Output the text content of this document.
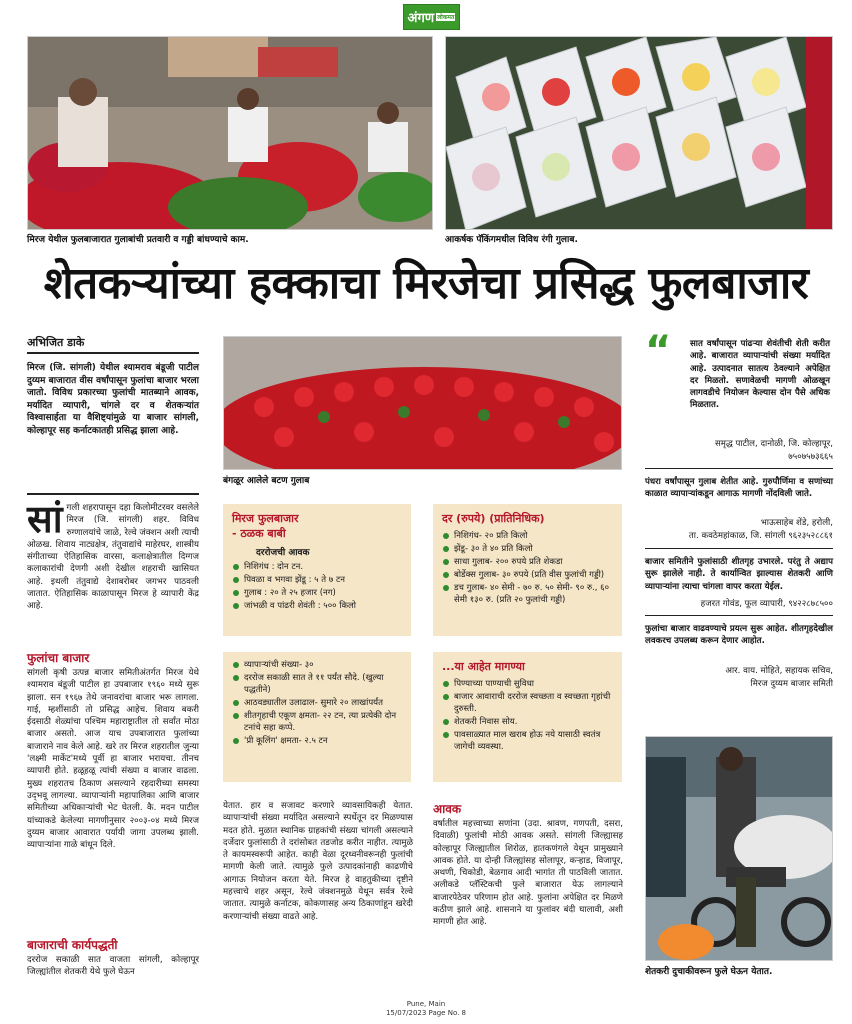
अंगण लोकमत
मिरज येथील फुलबाजारात गुलाबांची प्रतवारी व गड्डी बांधण्याचे काम.	आकर्षक पॅकिंगमधील विविध रंगी गुलाब.
शेतकऱ्यांच्या हक्काचा मिरजेचा प्रसिद्ध फुलबाजार
अभिजित डाके
मिरज (जि. सांगली) येथील श्यामराव बंडूजी पाटील दुय्यम बाजारात वीस वर्षांपासून फुलांचा बाजार भरला जातो. विविध प्रकारच्या फुलांची मातब्याने आवक, मर्यादित व्यापारी, चांगले दर व शेतकऱ्यांत विश्वासार्हता या वैशिष्ट्यांमुळे या बाजार सांगली, कोल्हापूर सह कर्नाटकातही प्रसिद्ध झाला आहे.
सां गली शहरापासून दहा किलोमीटरवर वसलेले मिरज (जि. सांगली) शहर. विविध रुग्णालयांचे जाळे, रेल्वे जंक्शन अशी त्याची ओळख. शिवाय नाट्यक्षेत्र, तंतुवाद्यांचे माहेरघर, शास्त्रीय संगीताच्या ऐतिहासिक वारसा, कलाक्षेत्रातील दिग्गज कलाकारांची देणगी अशी देखील शहराची खासियत आहे. इथली तंतुवाद्ये देशाबरोबर जगभर पाठवली जातात. ऐतिहासिक काळापासून मिरज हे व्यापारी केंद्र आहे.
फुलांचा बाजार
सांगली कृषी उत्पन्न बाजार समितीअंतर्गत मिरज येथे श्यामराव बंडूजी पाटील हा उपबाजार १९६० मध्ये सुरू झाला. सन १९६७ तेथे जनावरांचा बाजार भरू लागला. गाई, म्हशींसाठी तो प्रसिद्ध आहेच. शिवाय बकरी ईदसाठी शेळ्यांचा पश्चिम महाराष्ट्रातील तो सर्वांत मोठा बाजार असतो. आज याच उपबाजारात फुलांच्या बाजाराने नाव केले आहे. खरे तर मिरज शहरातील जुन्या 'लक्ष्मी मार्केट'मध्ये पूर्वी हा बाजार भरायचा. तीनच व्यापारी होते. हळूहळू त्यांची संख्या व बाजार वाढला. मुख्य शहरातच ठिकाण असल्याने रहदारीच्या समस्या उद्‌भवू लागल्या. व्यापाऱ्यांनी महापालिका आणि बाजार समितीच्या अधिकाऱ्यांची भेट घेतली. कै. मदन पाटील यांच्याकडे केलेल्या मागणीनुसार २००३-०४ मध्ये मिरज दुय्यम बाजार आवारात पर्यायी जागा उपलब्ध झाली. व्यापाऱ्यांना गाळे बांधून दिले.
बाजाराची कार्यपद्धती
दररोज सकाळी सात वाजता सांगली, कोल्हापूर जिल्ह्यांतील शेतकरी येथे फुले घेऊन
बंगळूर आलेले बटण गुलाब
मिरज फुलबाजार
- ठळक बाबी
दररोजची आवक
निशिगंध : दोन टन.
पिवळा व भगवा झेंडू : ५ ते ७ टन
गुलाब : २० ते २५ हजार (नग)
जांभळी व पांढरी शेवंती : ५०० किलो
दर (रुपये) (प्रातिनिधिक)
निशिगंध- २० प्रति किलो
झेंडू- ३० ते ४० प्रति किलो
साधा गुलाब- २०० रुपये प्रति शेकडा
बोर्डेक्स गुलाब- ३० रुपये (प्रति वीस फुलांची गड्डी)
डच गुलाब- ४० सेमी - ७० रु. ५० सेमी- ९० रु., ६० सेमी १३० रु. (प्रति २० फुलांची गड्डी)
व्यापाऱ्यांची संख्या- ३०
दररोज सकाळी सात ते ११ पर्यंत सौदे. (खुल्या पद्धतीने)
आठवड्यातील उलाढाल- सुमारे २० लाखांपर्यंत
शीतगृहाची एकूण क्षमता- २२ टन, त्या प्रत्येकी दोन टनांचे सहा कप्पे.
'प्री कूलिंग' क्षमता- २.५ टन
...या आहेत मागण्या
पिण्याच्या पाण्याची सुविधा
बाजार आवाराची दररोज स्वच्छता व स्वच्छता गृहांची दुरुस्ती.
शेतकरी निवास सोय.
पावसाळ्यात माल खराब होऊ नये यासाठी स्वतंत्र जागेची व्यवस्था.
येतात. हार व सजावट करणारे व्यावसायिकही येतात. व्यापाऱ्यांची संख्या मर्यादित असल्याने स्पर्धेतून दर मिळण्यास मदत होते. मुळात स्थानिक ग्राहकांची संख्या चांगली असल्याने दर्जेदार फुलांसाठी ते दरांसोबत तडजोड करीत नाहीत. त्यामुळे ते कायमस्वरूपी आहेत. काही वेळा दूरध्वनीवरूनही फुलांची मागणी केली जाते. त्यामुळे फुले उत्पादकांनाही काढणीचे आगाऊ नियोजन करता येते. मिरज हे वाहतुकीच्या दृष्टीने महत्त्वाचे शहर असून, रेल्वे जंक्शनमुळे येथून सर्वत्र रेल्वे जातात. त्यामुळे कर्नाटक, कोकणासह अन्य ठिकाणांहून खरेदी करणाऱ्यांची संख्या वाढते आहे.
आवक
वर्षातील महत्त्वाच्या सणांना (उदा. श्रावण, गणपती, दसरा, दिवाळी) फुलांची मोठी आवक असते. सांगली जिल्ह्यासह कोल्हापूर जिल्ह्यातील शिरोळ, हातकणंगले येथून प्रामुख्याने आवक होते. या दोन्ही जिल्ह्यांसह सोलापूर, कऱ्हाड, विजापूर, अथणी, चिकोडी, बेळगाव आदी भागांत ती पाठविली जातात. अलीकडे प्लॅस्टिकची फुले बाजारात येऊ लागल्याने बाजारपेठेवर परिणाम होत आहे. फुलांना अपेक्षित दर मिळणे कठीण झाले आहे. शासनाने या फुलांवर बंदी घालावी, अशी मागणी होत आहे.
“ सात वर्षांपासून पांढऱ्या शेवंतीची शेती करीत आहे. बाजारात व्यापाऱ्यांची संख्या मर्यादित आहे. उत्पादनात सातत्य ठेवल्याने अपेक्षित दर मिळतो. सणावेळची मागणी ओळखून लागवडीचे नियोजन केल्यास दोन पैसे अधिक मिळतात.
समृद्ध पाटील, दानोळी, जि. कोल्हापूर,
७५०७५७३६६५
पंधरा वर्षांपासून गुलाब शेतीत आहे. गुरुपौर्णिमा व सणांच्या काळात व्यापाऱ्यांकडून आगाऊ मागणी नोंदविली जाते.
भाऊसाहेब शेंडे, हरोली,
ता. कवठेमहांकाळ, जि. सांगली ९६२३५२८८६१
बाजार समितीने फुलांसाठी शीतगृह उभारले. परंतु ते अद्याप सुरू झालेले नाही. ते कार्यान्वित झाल्यास शेतकरी आणि व्यापाऱ्यांना त्याचा चांगला वापर करता येईल.
हजरत गोवंड, फूल व्यापारी, ९४२२८७८५००
फुलांचा बाजार वाढवण्याचे प्रयत्न सुरू आहेत. शीतगृहदेखील लवकरच उपलब्ध करून देणार आहोत.
आर. वाय. मोहिते, सहायक सचिव,
मिरज दुय्यम बाजार समिती
शेतकरी दुचाकीवरून फुले घेऊन येतात.
Pune, Main
15/07/2023 Page No. 8
